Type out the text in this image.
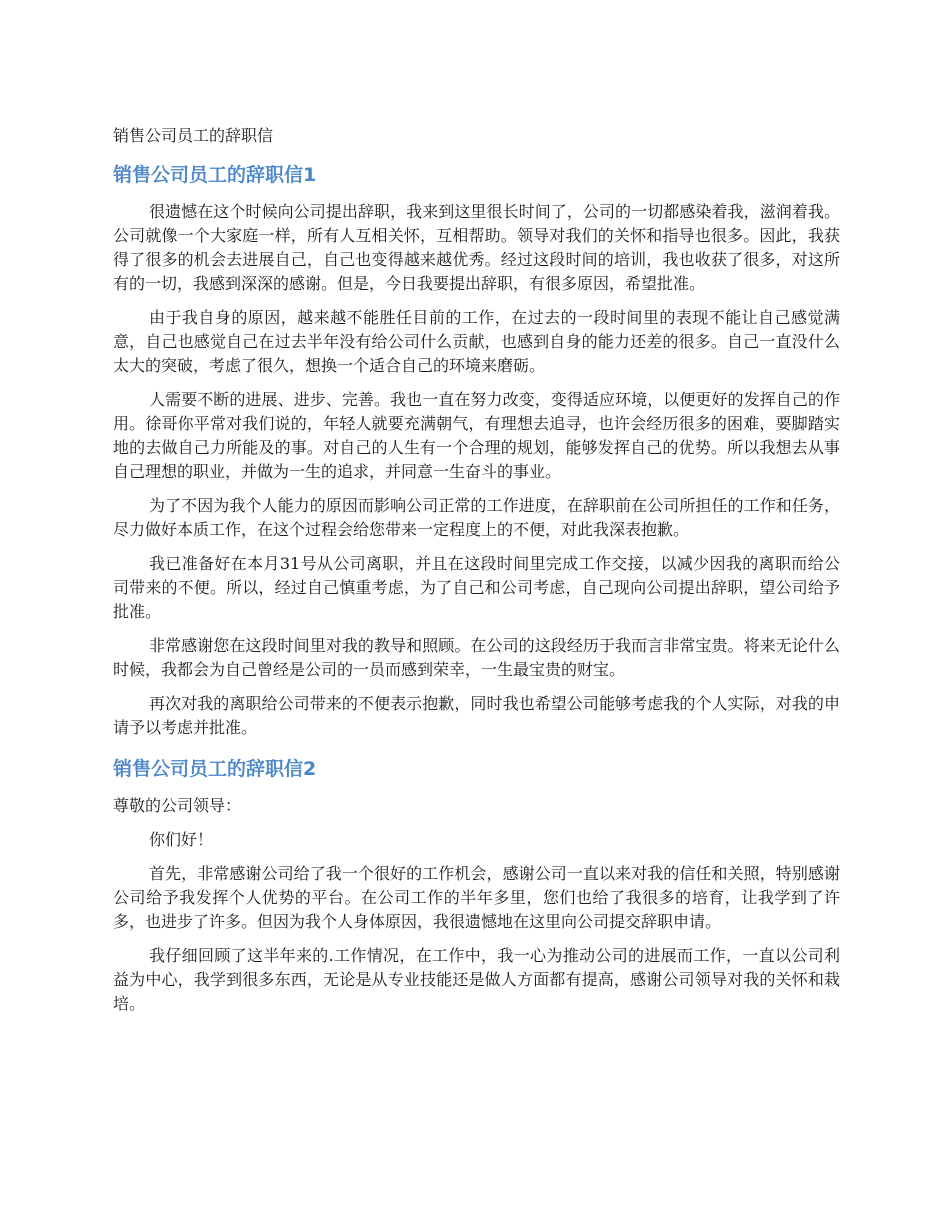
销售公司员工的辞职信
销售公司员工的辞职信1

很遗憾在这个时候向公司提出辞职，我来到这里很长时间了，公司的一切都感染着我，滋润着我。公司就像一个大家庭一样，所有人互相关怀，互相帮助。领导对我们的关怀和指导也很多。因此，我获得了很多的机会去进展自己，自己也变得越来越优秀。经过这段时间的培训，我也收获了很多，对这所有的一切，我感到深深的感谢。但是，今日我要提出辞职，有很多原因，希望批准。

由于我自身的原因，越来越不能胜任目前的工作，在过去的一段时间里的表现不能让自己感觉满意，自己也感觉自己在过去半年没有给公司什么贡献，也感到自身的能力还差的很多。自己一直没什么太大的突破，考虑了很久，想换一个适合自己的环境来磨砺。

人需要不断的进展、进步、完善。我也一直在努力改变，变得适应环境，以便更好的发挥自己的作用。徐哥你平常对我们说的，年轻人就要充满朝气，有理想去追寻，也许会经历很多的困难，要脚踏实地的去做自己力所能及的事。对自己的人生有一个合理的规划，能够发挥自己的优势。所以我想去从事自己理想的职业，并做为一生的追求，并同意一生奋斗的事业。

为了不因为我个人能力的原因而影响公司正常的工作进度，在辞职前在公司所担任的工作和任务，尽力做好本质工作，在这个过程会给您带来一定程度上的不便，对此我深表抱歉。

我已准备好在本月31号从公司离职，并且在这段时间里完成工作交接，以减少因我的离职而给公司带来的不便。所以，经过自己慎重考虑，为了自己和公司考虑，自己现向公司提出辞职，望公司给予批准。

非常感谢您在这段时间里对我的教导和照顾。在公司的这段经历于我而言非常宝贵。将来无论什么时候，我都会为自己曾经是公司的一员而感到荣幸，一生最宝贵的财宝。

再次对我的离职给公司带来的不便表示抱歉，同时我也希望公司能够考虑我的个人实际，对我的申请予以考虑并批准。

销售公司员工的辞职信2

尊敬的公司领导：

你们好！

首先，非常感谢公司给了我一个很好的工作机会，感谢公司一直以来对我的信任和关照，特别感谢公司给予我发挥个人优势的平台。在公司工作的半年多里，您们也给了我很多的培育，让我学到了许多，也进步了许多。但因为我个人身体原因，我很遗憾地在这里向公司提交辞职申请。

我仔细回顾了这半年来的.工作情况，在工作中，我一心为推动公司的进展而工作，一直以公司利益为中心，我学到很多东西，无论是从专业技能还是做人方面都有提高，感谢公司领导对我的关怀和栽培。
